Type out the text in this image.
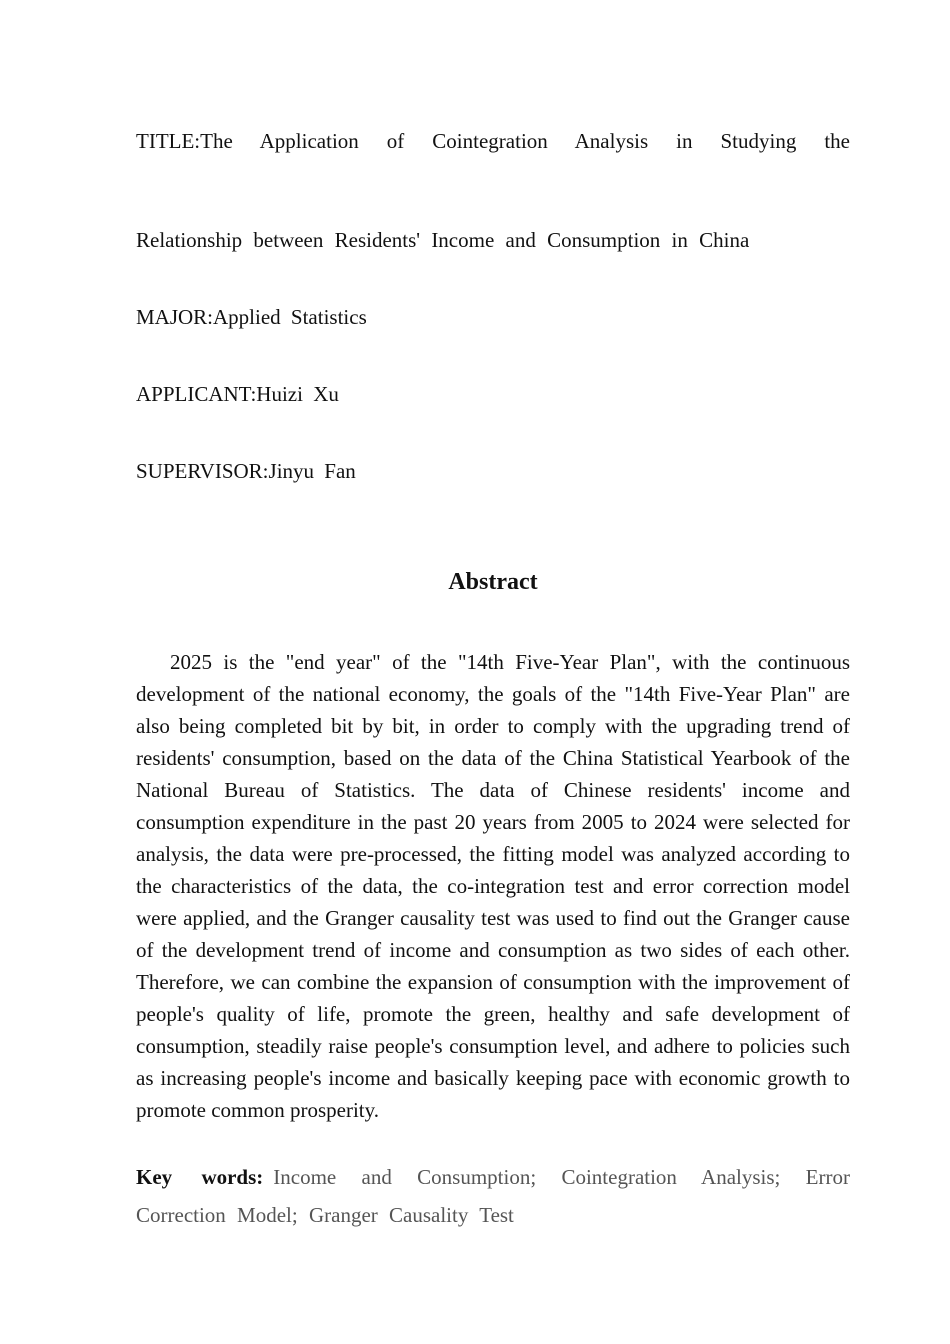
TITLE:The Application of Cointegration Analysis in Studying the
Relationship between Residents' Income and Consumption in China
MAJOR:Applied Statistics
APPLICANT:Huizi Xu
SUPERVISOR:Jinyu Fan
Abstract

2025 is the "end year" of the "14th Five-Year Plan", with the continuous development of the national economy, the goals of the "14th Five-Year Plan" are also being completed bit by bit, in order to comply with the upgrading trend of residents' consumption, based on the data of the China Statistical Yearbook of the National Bureau of Statistics. The data of Chinese residents' income and consumption expenditure in the past 20 years from 2005 to 2024 were selected for analysis, the data were pre-processed, the fitting model was analyzed according to the characteristics of the data, the co-integration test and error correction model were applied, and the Granger causality test was used to find out the Granger cause of the development trend of income and consumption as two sides of each other. Therefore, we can combine the expansion of consumption with the improvement of people's quality of life, promote the green, healthy and safe development of consumption, steadily raise people's consumption level, and adhere to policies such as increasing people's income and basically keeping pace with economic growth to promote common prosperity.

Key words: Income and Consumption; Cointegration Analysis; Error Correction Model; Granger Causality Test
